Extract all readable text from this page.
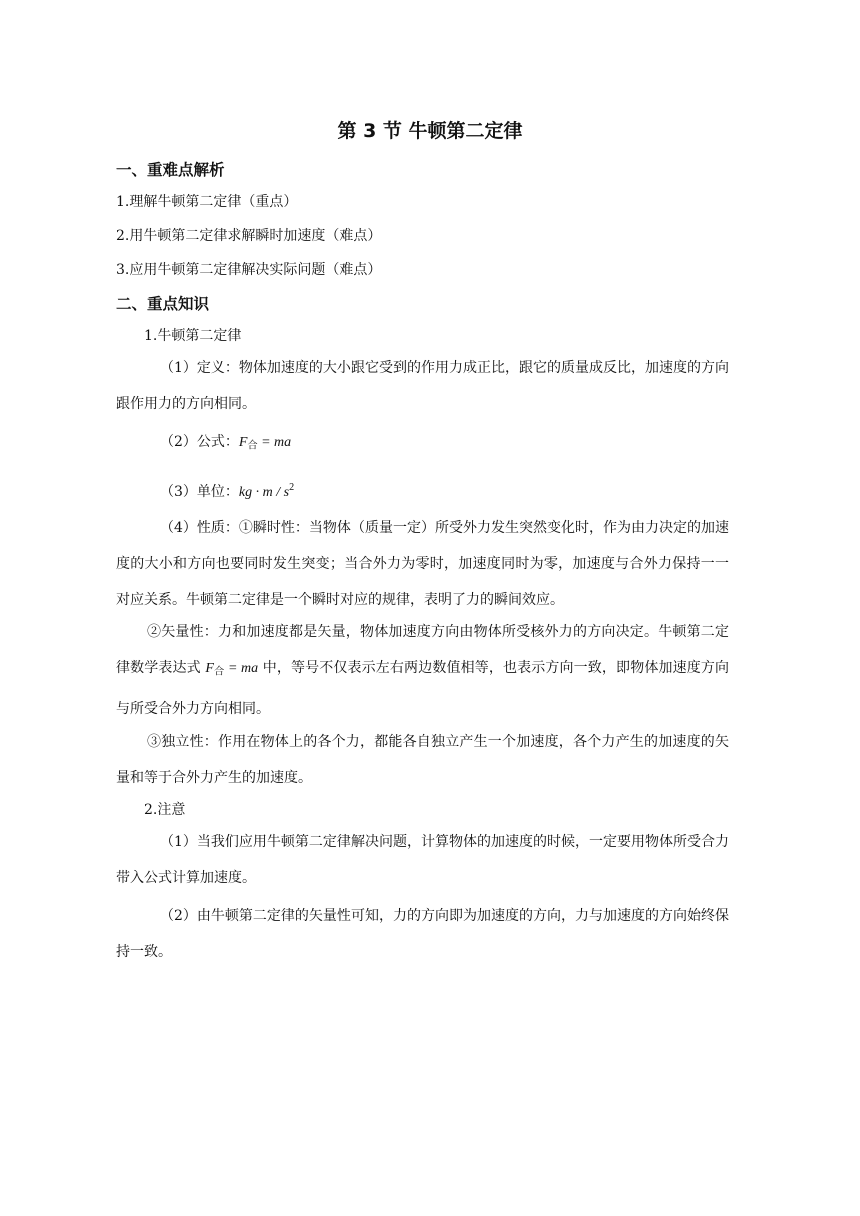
第 3 节 牛顿第二定律
一、重难点解析
1.理解牛顿第二定律（重点）
2.用牛顿第二定律求解瞬时加速度（难点）
3.应用牛顿第二定律解决实际问题（难点）
二、重点知识
1.牛顿第二定律
（1）定义：物体加速度的大小跟它受到的作用力成正比，跟它的质量成反比，加速度的方向跟作用力的方向相同。
（2）公式：$F_合$ = ma
（3）单位：kg · m / $s^2$
（4）性质：①瞬时性：当物体（质量一定）所受外力发生突然变化时，作为由力决定的加速度的大小和方向也要同时发生突变；当合外力为零时，加速度同时为零，加速度与合外力保持一一对应关系。牛顿第二定律是一个瞬时对应的规律，表明了力的瞬间效应。
②矢量性：力和加速度都是矢量，物体加速度方向由物体所受核外力的方向决定。牛顿第二定律数学表达式 $F_合$ = ma 中，等号不仅表示左右两边数值相等，也表示方向一致，即物体加速度方向与所受合外力方向相同。
③独立性：作用在物体上的各个力，都能各自独立产生一个加速度，各个力产生的加速度的矢量和等于合外力产生的加速度。
2.注意
（1）当我们应用牛顿第二定律解决问题，计算物体的加速度的时候，一定要用物体所受合力带入公式计算加速度。
（2）由牛顿第二定律的矢量性可知，力的方向即为加速度的方向，力与加速度的方向始终保持一致。
